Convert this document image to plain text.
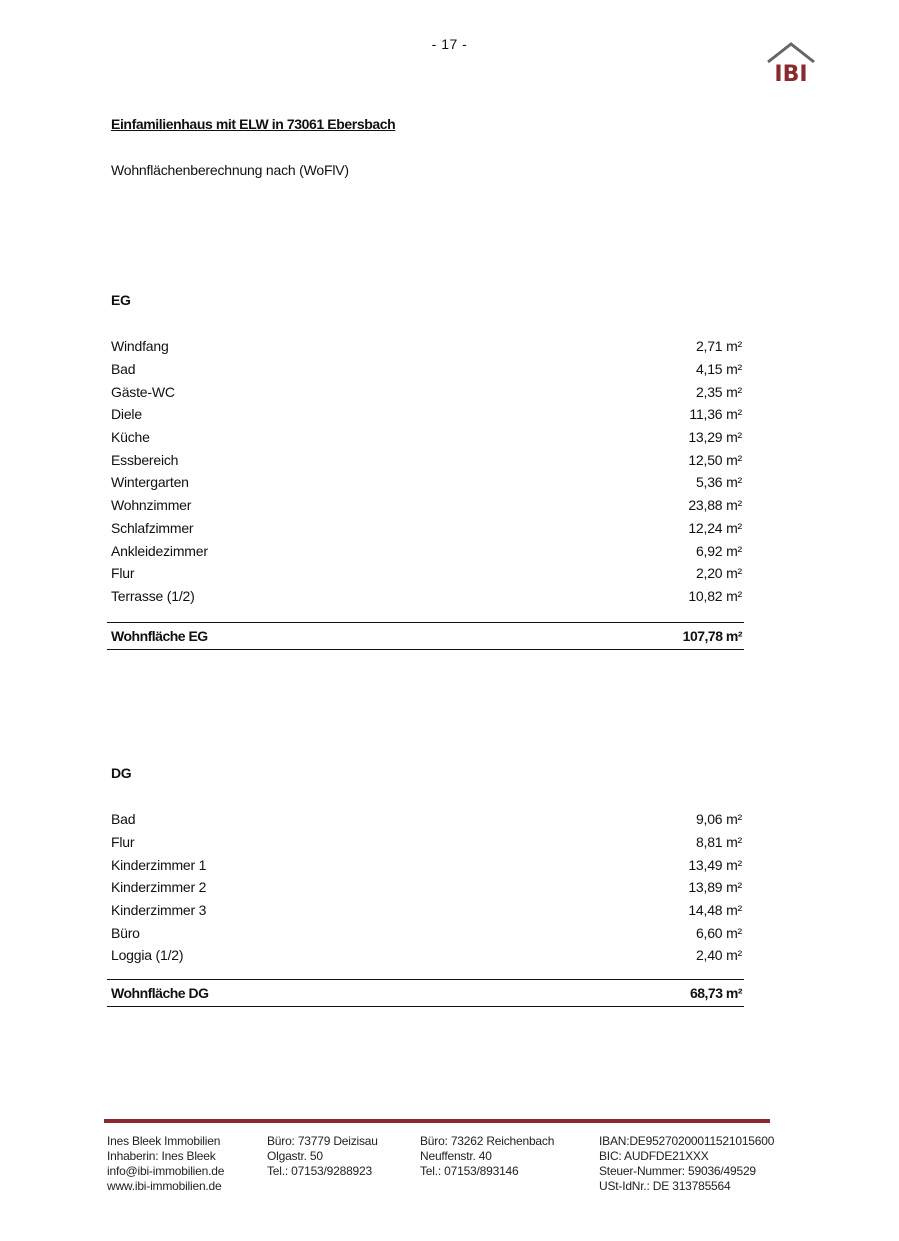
- 17 -
IBI
Einfamilienhaus mit ELW in 73061 Ebersbach
Wohnflächenberechnung nach (WoFlV)
EG
Windfang	2,71 m²
Bad	4,15 m²
Gäste-WC	2,35 m²
Diele	11,36 m²
Küche	13,29 m²
Essbereich	12,50 m²
Wintergarten	5,36 m²
Wohnzimmer	23,88 m²
Schlafzimmer	12,24 m²
Ankleidezimmer	6,92 m²
Flur	2,20 m²
Terrasse (1/2)	10,82 m²
Wohnfläche EG	107,78 m²
DG
Bad	9,06 m²
Flur	8,81 m²
Kinderzimmer 1	13,49 m²
Kinderzimmer 2	13,89 m²
Kinderzimmer 3	14,48 m²
Büro	6,60 m²
Loggia (1/2)	2,40 m²
Wohnfläche DG	68,73 m²
Ines Bleek Immobilien
Inhaberin: Ines Bleek
info@ibi-immobilien.de
www.ibi-immobilien.de
Büro: 73779 Deizisau
Olgastr. 50
Tel.: 07153/9288923
Büro: 73262 Reichenbach
Neuffenstr. 40
Tel.: 07153/893146
IBAN:DE95270200011521015600
BIC: AUDFDE21XXX
Steuer-Nummer: 59036/49529
USt-IdNr.: DE 313785564
